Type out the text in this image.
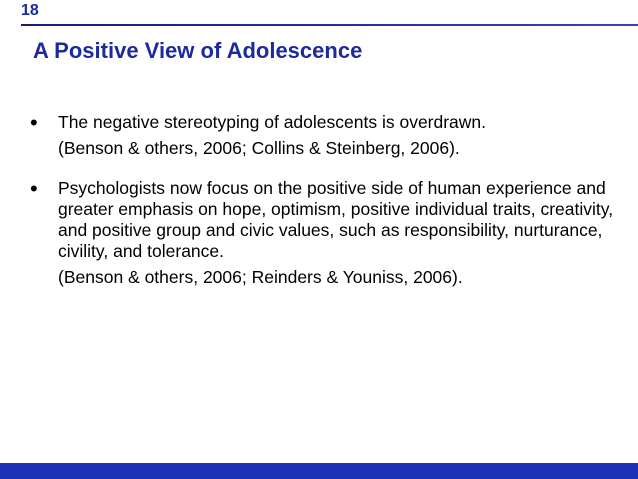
18
A Positive View of Adolescence
• The negative stereotyping of adolescents is overdrawn.

(Benson & others, 2006; Collins & Steinberg, 2006).

• Psychologists now focus on the positive side of human experience and greater emphasis on hope, optimism, positive individual traits, creativity, and positive group and civic values, such as responsibility, nurturance, civility, and tolerance.

(Benson & others, 2006; Reinders & Youniss, 2006).
